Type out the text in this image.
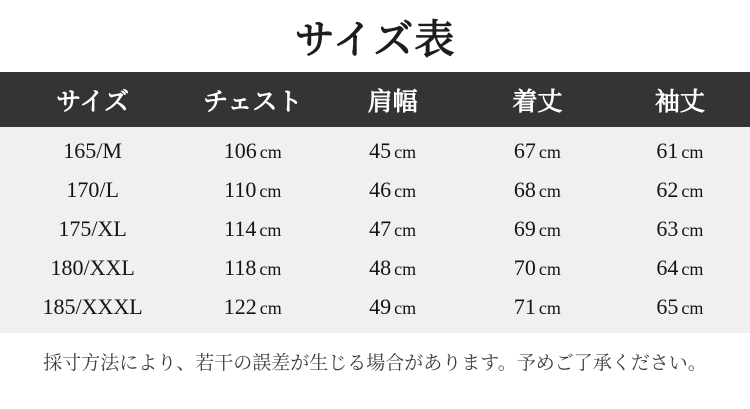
サイズ表
サイズ	チェスト	肩幅	着丈	袖丈
165/M	106 cm	45 cm	67 cm	61 cm
170/L	110 cm	46 cm	68 cm	62 cm
175/XL	114 cm	47 cm	69 cm	63 cm
180/XXL	118 cm	48 cm	70 cm	64 cm
185/XXXL	122 cm	49 cm	71 cm	65 cm
採寸方法により、若干の誤差が生じる場合があります。予めご了承ください。
